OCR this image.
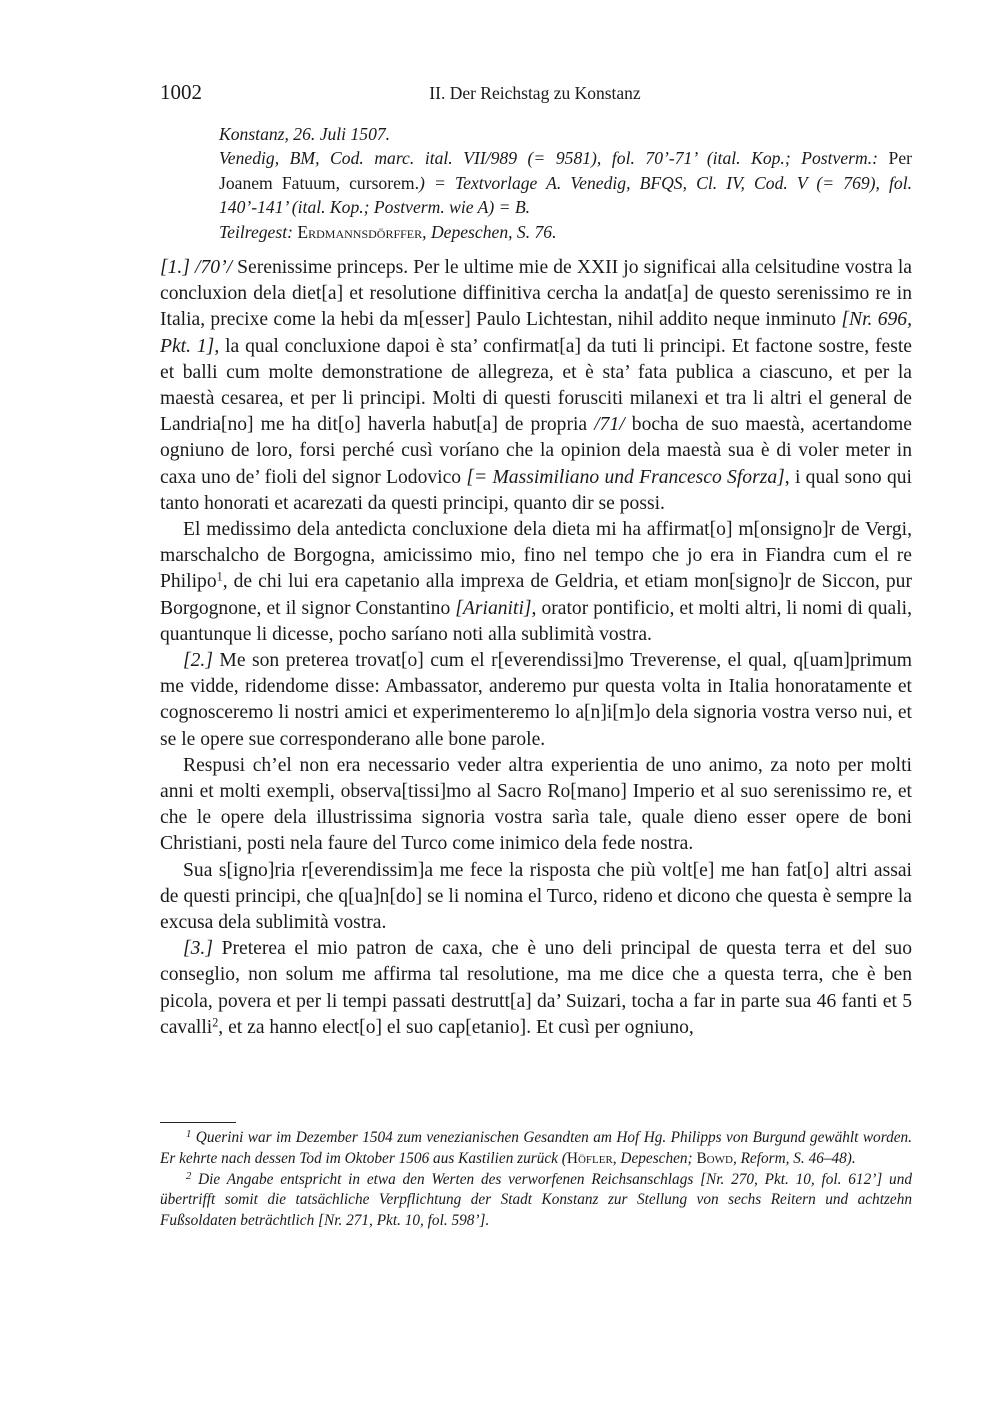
1002	II. Der Reichstag zu Konstanz
Konstanz, 26. Juli 1507.
Venedig, BM, Cod. marc. ital. VII/989 (= 9581), fol. 70’-71’ (ital. Kop.; Postverm.: Per
Joanem Fatuum, cursorem.) = Textvorlage A. Venedig, BFQS, Cl. IV, Cod. V (= 769), fol.
140’-141’ (ital. Kop.; Postverm. wie A) = B.
Teilregest: Erdmannsdörffer, Depeschen, S. 76.

[1.] /70’/ Serenissime princeps. Per le ultime mie de XXII jo significai alla celsitudine vostra la concluxion dela diet[a] et resolutione diffinitiva cercha la andat[a] de questo serenissimo re in Italia, precixe come la hebi da m[esser] Paulo Lichtestan, nihil addito neque inminuto [Nr. 696, Pkt. 1], la qual concluxione dapoi è sta’ confirmat[a] da tuti li principi. Et factone sostre, feste et balli cum molte demonstratione de allegreza, et è sta’ fata publica a ciascuno, et per la maestà cesarea, et per li principi. Molti di questi forusciti milanexi et tra li altri el general de Landria[no] me ha dit[o] haverla habut[a] de propria /71/ bocha de suo maestà, acertandome ogniuno de loro, forsi perché cusì voríano che la opinion dela maestà sua è di voler meter in caxa uno de’ fioli del signor Lodovico [= Massimiliano und Francesco Sforza], i qual sono qui tanto honorati et acarezati da questi principi, quanto dir se possi.

El medissimo dela antedicta concluxione dela dieta mi ha affirmat[o] m[onsigno]r de Vergi, marschalcho de Borgogna, amicissimo mio, fino nel tempo che jo era in Fiandra cum el re Philipo$^1$, de chi lui era capetanio alla imprexa de Geldria, et etiam mon[signo]r de Siccon, pur Borgognone, et il signor Constantino [Arianiti], orator pontificio, et molti altri, li nomi di quali, quantunque li dicesse, pocho saríano noti alla sublimità vostra.

[2.] Me son preterea trovat[o] cum el r[everendissi]mo Treverense, el qual, q[uam]primum me vidde, ridendome disse: Ambassator, anderemo pur questa volta in Italia honoratamente et cognosceremo li nostri amici et experimenteremo lo a[n]i[m]o dela signoria vostra verso nui, et se le opere sue corresponderano alle bone parole.

Respusi ch’el non era necessario veder altra experientia de uno animo, za noto per molti anni et molti exempli, observa[tissi]mo al Sacro Ro[mano] Imperio et al suo serenissimo re, et che le opere dela illustrissima signoria vostra sarìa tale, quale dieno esser opere de boni Christiani, posti nela faure del Turco come inimico dela fede nostra.

Sua s[igno]ria r[everendissim]a me fece la risposta che più volt[e] me han fat[o] altri assai de questi principi, che q[ua]n[do] se li nomina el Turco, rideno et dicono che questa è sempre la excusa dela sublimità vostra.

[3.] Preterea el mio patron de caxa, che è uno deli principal de questa terra et del suo conseglio, non solum me affirma tal resolutione, ma me dice che a questa terra, che è ben picola, povera et per li tempi passati destrutt[a] da’ Suizari, tocha a far in parte sua 46 fanti et 5 cavalli$^2$, et za hanno elect[o] el suo cap[etanio]. Et cusì per ogniuno,

$^1$ Querini war im Dezember 1504 zum venezianischen Gesandten am Hof Hg. Philipps von Burgund gewählt worden. Er kehrte nach dessen Tod im Oktober 1506 aus Kastilien zurück (Höfler, Depeschen; Bowd, Reform, S. 46–48).

$^2$ Die Angabe entspricht in etwa den Werten des verworfenen Reichsanschlags [Nr. 270, Pkt. 10, fol. 612’] und übertrifft somit die tatsächliche Verpflichtung der Stadt Konstanz zur Stellung von sechs Reitern und achtzehn Fußsoldaten beträchtlich [Nr. 271, Pkt. 10, fol. 598’].
